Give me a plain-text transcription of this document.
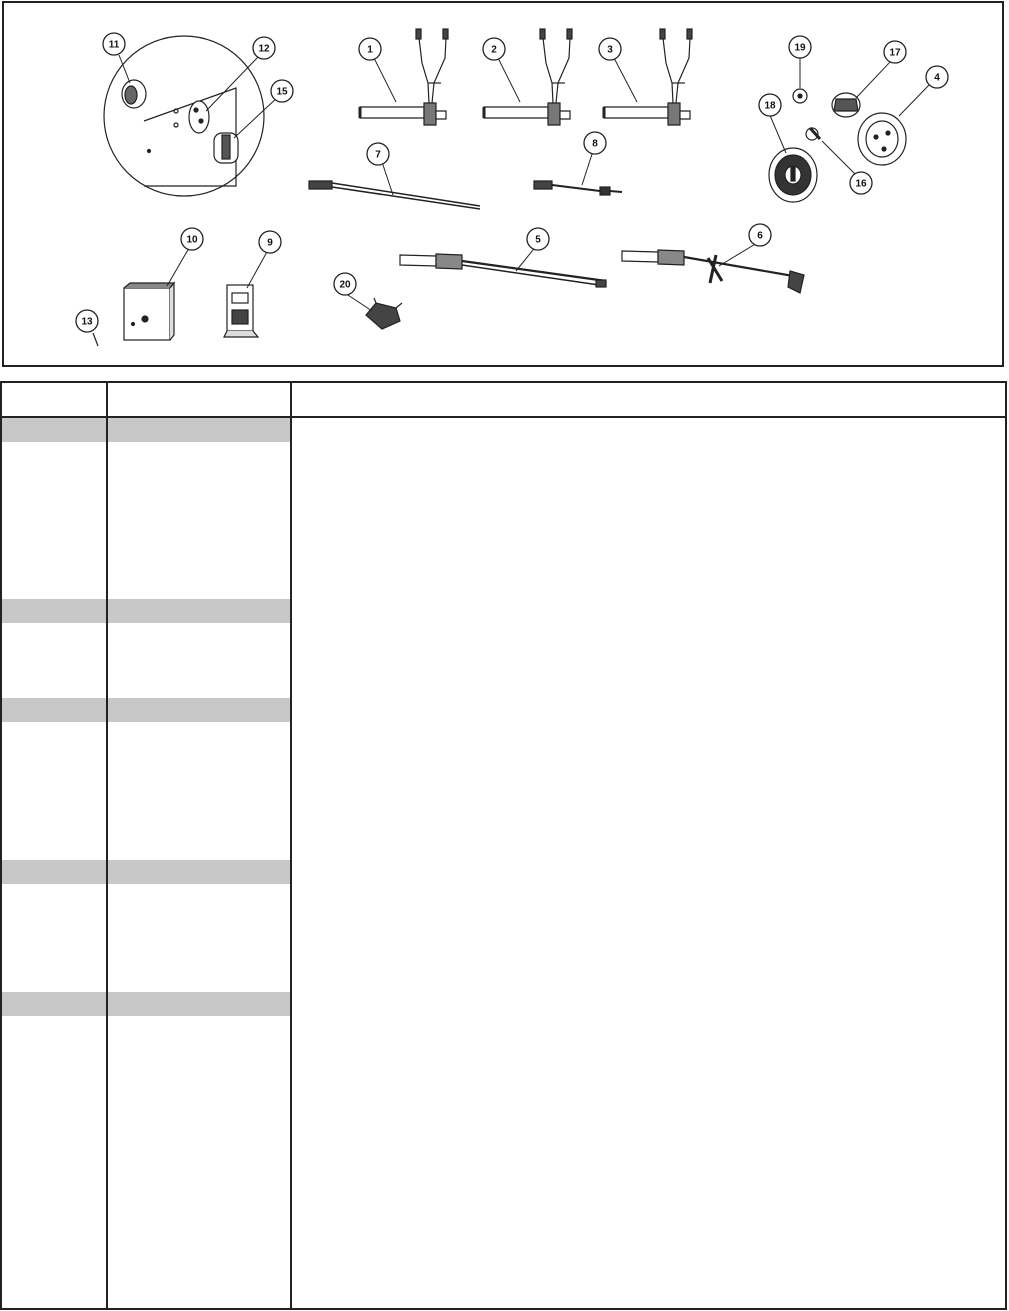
1	2	3
4
5	6
7
8
9
10
11	12
13
15
16
17
18
19
20
